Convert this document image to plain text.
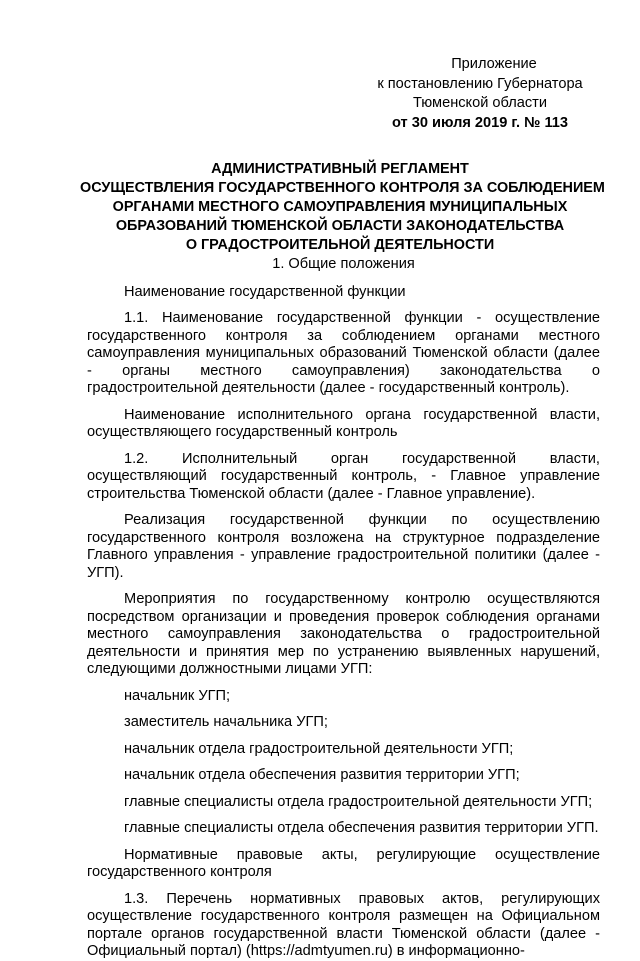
Приложение
к постановлению Губернатора
Тюменской области
от 30 июля 2019 г. № 113
АДМИНИСТРАТИВНЫЙ РЕГЛАМЕНТ
ОСУЩЕСТВЛЕНИЯ ГОСУДАРСТВЕННОГО КОНТРОЛЯ ЗА СОБЛЮДЕНИЕМ
ОРГАНАМИ МЕСТНОГО САМОУПРАВЛЕНИЯ МУНИЦИПАЛЬНЫХ
ОБРАЗОВАНИЙ ТЮМЕНСКОЙ ОБЛАСТИ ЗАКОНОДАТЕЛЬСТВА
О ГРАДОСТРОИТЕЛЬНОЙ ДЕЯТЕЛЬНОСТИ

1. Общие положения

Наименование государственной функции

1.1. Наименование государственной функции - осуществление государственного контроля за соблюдением органами местного самоуправления муниципальных образований Тюменской области (далее - органы местного самоуправления) законодательства о градостроительной деятельности (далее - государственный контроль).

Наименование исполнительного органа государственной власти, осуществляющего государственный контроль

1.2. Исполнительный орган государственной власти, осуществляющий государственный контроль, - Главное управление строительства Тюменской области (далее - Главное управление).

Реализация государственной функции по осуществлению государственного контроля возложена на структурное подразделение Главного управления - управление градостроительной политики (далее - УГП).

Мероприятия по государственному контролю осуществляются посредством организации и проведения проверок соблюдения органами местного самоуправления законодательства о градостроительной деятельности и принятия мер по устранению выявленных нарушений, следующими должностными лицами УГП:

начальник УГП;

заместитель начальника УГП;

начальник отдела градостроительной деятельности УГП;

начальник отдела обеспечения развития территории УГП;

главные специалисты отдела градостроительной деятельности УГП;

главные специалисты отдела обеспечения развития территории УГП.

Нормативные правовые акты, регулирующие осуществление государственного контроля

1.3. Перечень нормативных правовых актов, регулирующих осуществление государственного контроля размещен на Официальном портале органов государственной власти Тюменской области (далее - Официальный портал) (https://admtyumen.ru) в информационно-
